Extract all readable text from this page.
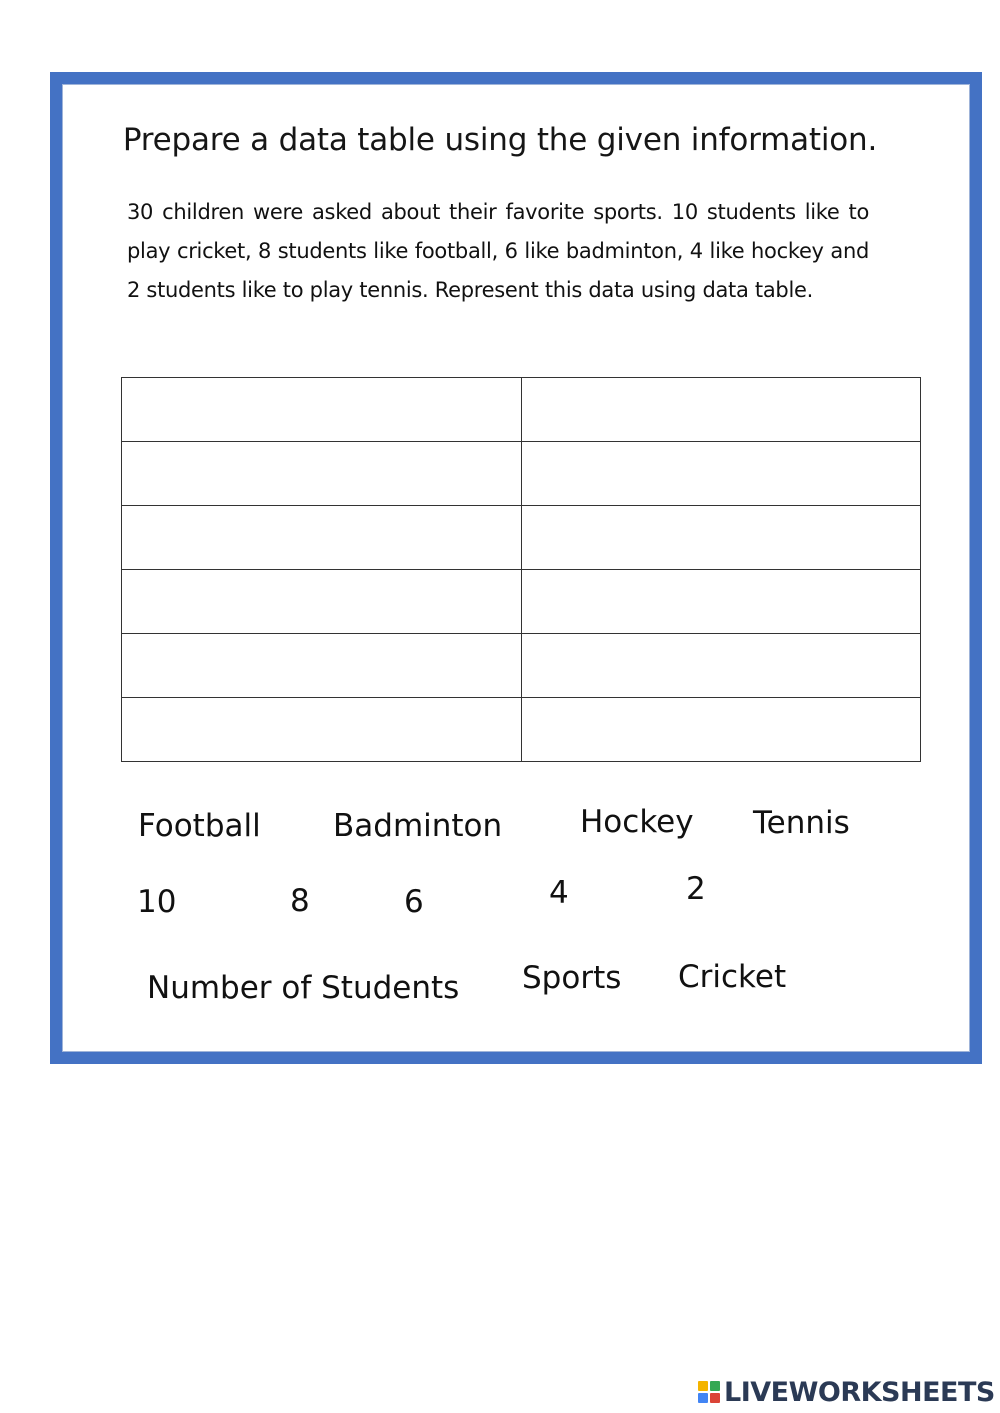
Prepare a data table using the given information.

30 children were asked about their favorite sports. 10 students like to play cricket, 8 students like football, 6 like badminton, 4 like hockey and 2 students like to play tennis. Represent this data using data table.

Football Badminton	Hockey Tennis
10	8	6	4	2
Number of Students Sports Cricket
LIVEWORKSHEETS
